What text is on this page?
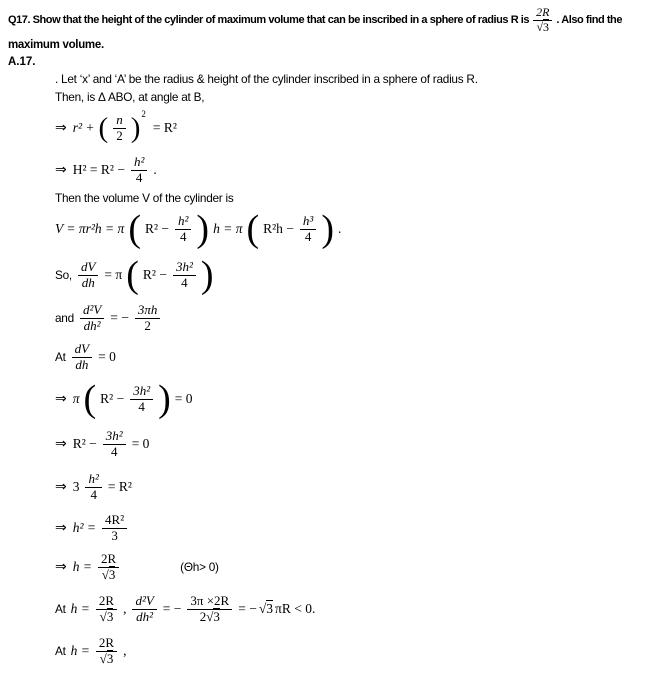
Q17. Show that the height of the cylinder of maximum volume that can be inscribed in a sphere of radius R is $\frac{2R}{√3}$ . Also find the
maximum volume.
A.17.
. Let ‘x’ and ‘A’ be the radius & height of the cylinder inscribed in a sphere of radius R.
Then, is Δ ABO, at angle at B,
⇒ r² + ( $\frac{n}{2}$ ) 2
= R²
⇒ $H^2 = R^2 - \frac{\text{h²}}{4}$ .
Then the volume V of the cylinder is
V = πr²h = π ( $R^2 - \frac{\text{h²}}{4}$ ) h = π ( $R^2h - \frac{\text{h³}}{4}$ ) .
So, $\frac{dV}{dh} = \pi$ ( $R^2 - \frac{\text{3h²}}{4}$ )
and $\frac{\text{d²V}}{\text{dh²}}$ = − $\frac{3\pi h}{2}$
At $\frac{dV}{dh} = 0$
⇒ π ( $R^2 - \frac{\text{3h²}}{4}$ ) = 0
⇒ $R^2 - \frac{\text{3h²}}{4} = 0$
⇒ $3 \frac{\text{h²}}{4} = R^2$
⇒ $h^2 = \frac{\text{4R²}}{3}$
⇒ $h = \frac{2R}{√3}$	(Θh> 0)
At $h = \frac{2R}{√3}$ , $\frac{\text{d²V}}{\text{dh²}}$ = − $\frac{3\pi \times 2R}{2√3}$ = − √3 πR < 0.
At $h = \frac{2R}{√3}$ ,
